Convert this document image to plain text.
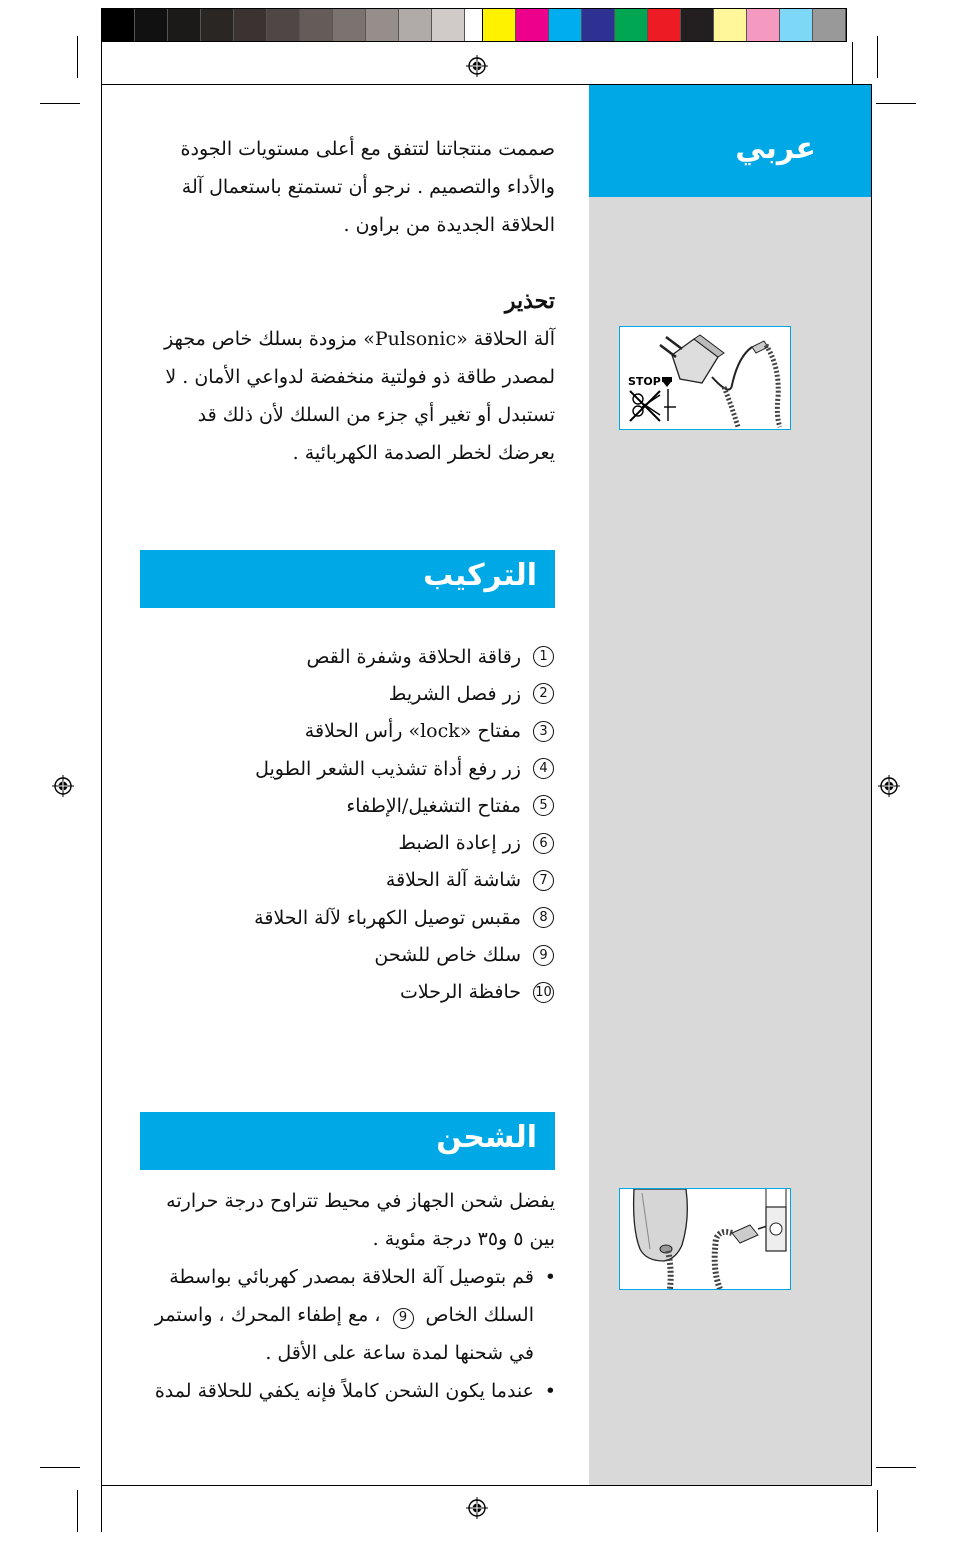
عربي
STOP
صممت منتجاتنا لتتفق مع أعلى مستويات الجودة والأداء والتصميم . نرجو أن تستمتع باستعمال آلة الحلاقة الجديدة من براون .
تحذير
آلة الحلاقة «Pulsonic» مزودة بسلك خاص مجهز لمصدر طاقة ذو فولتية منخفضة لدواعي الأمان . لا تستبدل أو تغير أي جزء من السلك لأن ذلك قد يعرضك لخطر الصدمة الكهربائية .
التركيب
1
رقاقة الحلاقة وشفرة القص
2
زر فصل الشريط
3
مفتاح «lock» رأس الحلاقة
4
زر رفع أداة تشذيب الشعر الطويل
5
مفتاح التشغيل/الإطفاء
6
زر إعادة الضبط
7
شاشة آلة الحلاقة
8
مقبس توصيل الكهرباء لآلة الحلاقة
9
سلك خاص للشحن
10
حافظة الرحلات
الشحن
يفضل شحن الجهاز في محيط تتراوح درجة حرارته بين ٥ و٣٥ درجة مئوية .
•
قم بتوصيل آلة الحلاقة بمصدر كهربائي بواسطة السلك الخاص 9 ، مع إطفاء المحرك ، واستمر في شحنها لمدة ساعة على الأقل .
•
عندما يكون الشحن كاملاً فإنه يكفي للحلاقة لمدة
